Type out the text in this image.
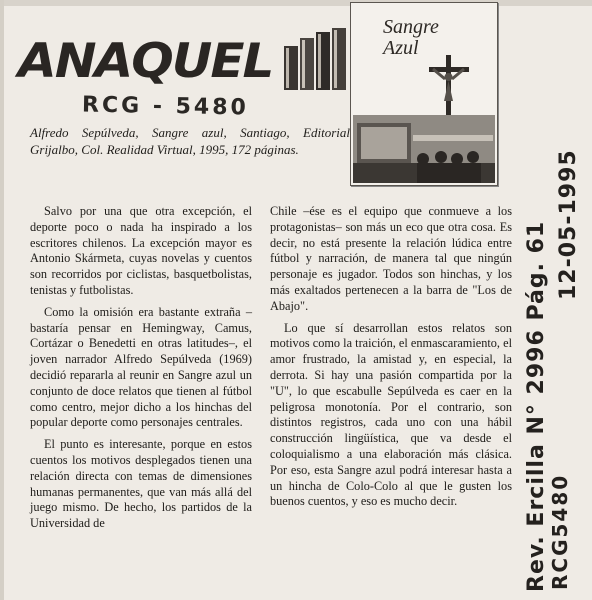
ANAQUEL
RCG - 5480
Alfredo Sepúlveda, Sangre azul, Santiago, Editorial Grijalbo, Col. Realidad Virtual, 1995, 172 páginas.
Sangre
Azul

Salvo por una que otra excepción, el deporte poco o nada ha inspirado a los escritores chilenos. La excepción mayor es Antonio Skármeta, cuyas novelas y cuentos son recorridos por ciclistas, basquetbolistas, tenistas y futbolistas.

Como la omisión era bastante extraña –bastaría pensar en Hemingway, Camus, Cortázar o Benedetti en otras latitudes–, el joven narrador Alfredo Sepúlveda (1969) decidió repararla al reunir en Sangre azul un conjunto de doce relatos que tienen al fútbol como centro, mejor dicho a los hinchas del popular deporte como personajes centrales.

El punto es interesante, porque en estos cuentos los motivos desplegados tienen una relación directa con temas de dimensiones humanas permanentes, que van más allá del juego mismo. De hecho, los partidos de la Universidad de

Chile –ése es el equipo que conmueve a los protagonistas– son más un eco que otra cosa. Es decir, no está presente la relación lúdica entre fútbol y narración, de manera tal que ningún personaje es jugador. Todos son hinchas, y los más exaltados pertenecen a la barra de "Los de Abajo".

Lo que sí desarrollan estos relatos son motivos como la traición, el enmascaramiento, el amor frustrado, la amistad y, en especial, la derrota. Si hay una pasión compartida por la "U", lo que escabulle Sepúlveda es caer en la peligrosa monotonía. Por el contrario, son distintos registros, cada uno con una hábil construcción lingüística, que va desde el coloquialismo a una elaboración más clásica. Por eso, esta Sangre azul podrá interesar hasta a un hincha de Colo-Colo al que le gusten los buenos cuentos, y eso es mucho decir.	Rev. Ercilla N° 2996 Pág. 61 12-05-1995
RCG5480
